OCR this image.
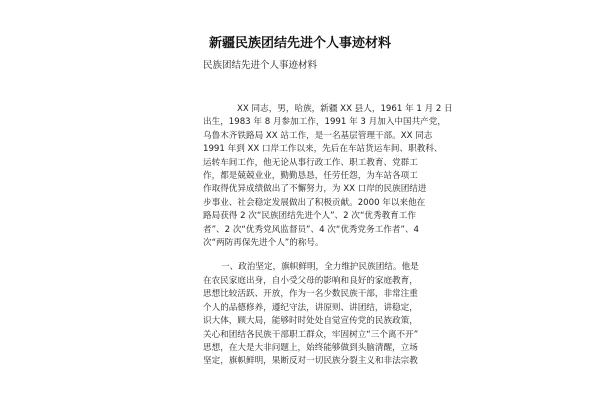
新疆民族团结先进个人事迹材料
民族团结先进个人事迹材料
XX 同志，男，哈族，新疆 XX 县人，1961 年 1 月 2 日
出生，1983 年 8 月参加工作，1991 年 3 月加入中国共产党，
乌鲁木齐铁路局 XX 站工作，是一名基层管理干部。XX 同志
1991 年到 XX 口岸工作以来，先后在车站货运车间、职教科、
运转车间工作，他无论从事行政工作、职工教育、党群工
作，都是兢兢业业，勤勤恳恳，任劳任怨，为车站各项工
作取得优异成绩做出了不懈努力，为 XX 口岸的民族团结进
步事业、社会稳定发展做出了积极贡献。2000 年以来他在
路局获得 2 次“民族团结先进个人”、2 次“优秀教育工作
者”、2 次“优秀党风监督员”、4 次“优秀党务工作者”、4
次“两防再保先进个人”的称号。
一、政治坚定，旗帜鲜明，全力维护民族团结。他是
在农民家庭出身，自小受父母的影响和良好的家庭教育，
思想比较活跃、开放，作为一名少数民族干部，非常注重
个人的品德修养，遵纪守法，讲原则、讲团结，讲稳定，
识大体，顾大局，能够时时处处自觉宣传党的民族政策，
关心和团结各民族干部职工群众，牢固树立“三个离不开”
思想，在大是大非问题上，始终能够做到头脑清醒，立场
坚定，旗帜鲜明，果断反对一切民族分裂主义和非法宗教
